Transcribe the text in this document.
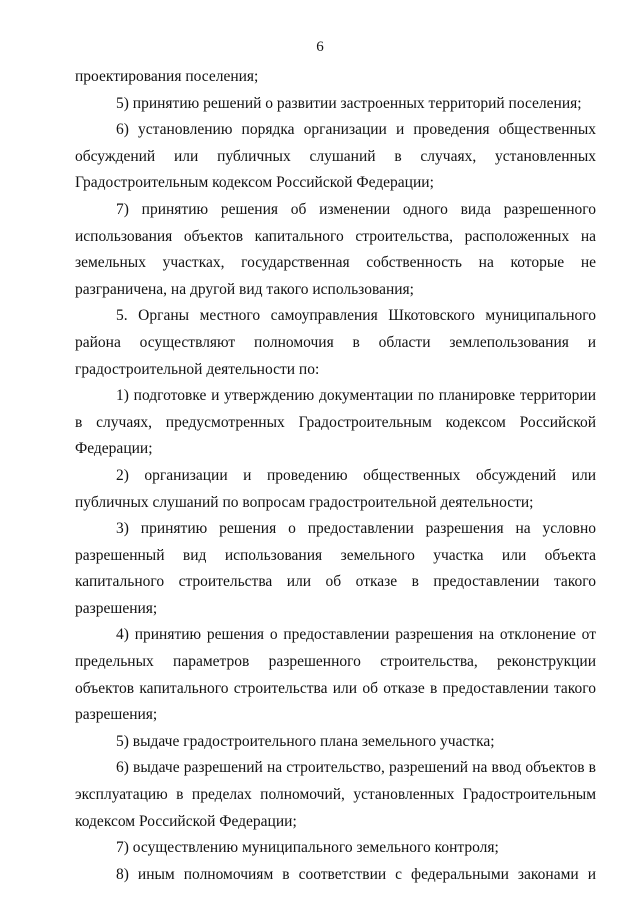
6

проектирования поселения;

5) принятию решений о развитии застроенных территорий поселения;

6) установлению порядка организации и проведения общественных обсуждений или публичных слушаний в случаях, установленных Градостроительным кодексом Российской Федерации;

7) принятию решения об изменении одного вида разрешенного использования объектов капитального строительства, расположенных на земельных участках, государственная собственность на которые не разграничена, на другой вид такого использования;

5. Органы местного самоуправления Шкотовского муниципального района осуществляют полномочия в области землепользования и градостроительной деятельности по:

1) подготовке и утверждению документации по планировке территории в случаях, предусмотренных Градостроительным кодексом Российской Федерации;

2) организации и проведению общественных обсуждений или публичных слушаний по вопросам градостроительной деятельности;

3) принятию решения о предоставлении разрешения на условно разрешенный вид использования земельного участка или объекта капитального строительства или об отказе в предоставлении такого разрешения;

4) принятию решения о предоставлении разрешения на отклонение от предельных параметров разрешенного строительства, реконструкции объектов капитального строительства или об отказе в предоставлении такого разрешения;

5) выдаче градостроительного плана земельного участка;

6) выдаче разрешений на строительство, разрешений на ввод объектов в эксплуатацию в пределах полномочий, установленных Градостроительным кодексом Российской Федерации;

7) осуществлению муниципального земельного контроля;

8) иным полномочиям в соответствии с федеральными законами и
